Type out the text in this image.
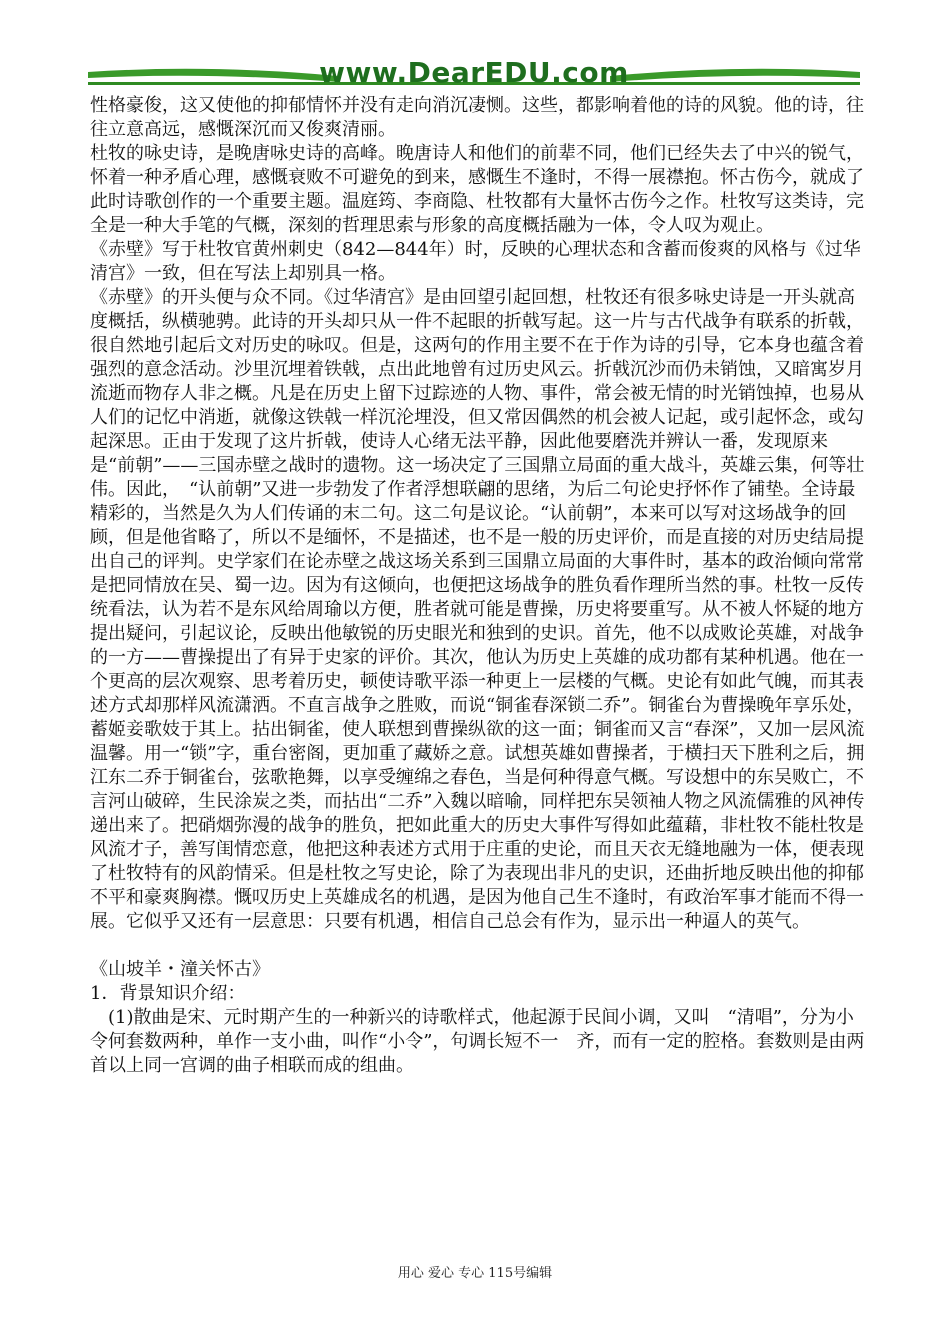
www.DearEDU.com

性格豪俊，这又使他的抑郁情怀并没有走向消沉凄恻。这些，都影响着他的诗的风貌。他的诗，往往立意高远，感慨深沉而又俊爽清丽。

杜牧的咏史诗，是晚唐咏史诗的高峰。晚唐诗人和他们的前辈不同，他们已经失去了中兴的锐气，怀着一种矛盾心理，感慨衰败不可避免的到来，感慨生不逢时，不得一展襟抱。怀古伤今，就成了此时诗歌创作的一个重要主题。温庭筠、李商隐、杜牧都有大量怀古伤今之作。杜牧写这类诗，完全是一种大手笔的气概，深刻的哲理思索与形象的高度概括融为一体，令人叹为观止。

《赤壁》写于杜牧官黄州刺史（842—844年）时，反映的心理状态和含蓄而俊爽的风格与《过华清宫》一致，但在写法上却别具一格。

《赤壁》的开头便与众不同。《过华清宫》是由回望引起回想，杜牧还有很多咏史诗是一开头就高度概括，纵横驰骋。此诗的开头却只从一件不起眼的折戟写起。这一片与古代战争有联系的折戟，很自然地引起后文对历史的咏叹。但是，这两句的作用主要不在于作为诗的引导，它本身也蕴含着强烈的意念活动。沙里沉埋着铁戟，点出此地曾有过历史风云。折戟沉沙而仍未销蚀，又暗寓岁月流逝而物存人非之概。凡是在历史上留下过踪迹的人物、事件，常会被无情的时光销蚀掉，也易从人们的记忆中消逝，就像这铁戟一样沉沦埋没，但又常因偶然的机会被人记起，或引起怀念，或勾起深思。正由于发现了这片折戟，使诗人心绪无法平静，因此他要磨洗并辨认一番，发现原来是“前朝”——三国赤壁之战时的遗物。这一场决定了三国鼎立局面的重大战斗，英雄云集，何等壮伟。因此，　“认前朝”又进一步勃发了作者浮想联翩的思绪，为后二句论史抒怀作了铺垫。全诗最精彩的，当然是久为人们传诵的末二句。这二句是议论。“认前朝”，本来可以写对这场战争的回顾，但是他省略了，所以不是缅怀，不是描述，也不是一般的历史评价，而是直接的对历史结局提出自己的评判。史学家们在论赤壁之战这场关系到三国鼎立局面的大事件时，基本的政治倾向常常是把同情放在吴、蜀一边。因为有这倾向，也便把这场战争的胜负看作理所当然的事。杜牧一反传统看法，认为若不是东风给周瑜以方便，胜者就可能是曹操，历史将要重写。从不被人怀疑的地方提出疑问，引起议论，反映出他敏锐的历史眼光和独到的史识。首先，他不以成败论英雄，对战争的一方——曹操提出了有异于史家的评价。其次，他认为历史上英雄的成功都有某种机遇。他在一个更高的层次观察、思考着历史，顿使诗歌平添一种更上一层楼的气概。史论有如此气魄，而其表述方式却那样风流潇洒。不直言战争之胜败，而说“铜雀春深锁二乔”。铜雀台为曹操晚年享乐处，蓄姬妾歌妓于其上。拈出铜雀，使人联想到曹操纵欲的这一面；铜雀而又言“春深”，又加一层风流温馨。用一“锁”字，重台密阁，更加重了藏娇之意。试想英雄如曹操者，于横扫天下胜利之后，拥江东二乔于铜雀台，弦歌艳舞，以享受缠绵之春色，当是何种得意气概。写设想中的东吴败亡，不言河山破碎，生民涂炭之类，而拈出“二乔”入魏以暗喻，同样把东吴领袖人物之风流儒雅的风神传递出来了。把硝烟弥漫的战争的胜负，把如此重大的历史大事件写得如此蕴藉，非杜牧不能杜牧是风流才子，善写闺情恋意，他把这种表述方式用于庄重的史论，而且天衣无缝地融为一体，便表现了杜牧特有的风韵情采。但是杜牧之写史论，除了为表现出非凡的史识，还曲折地反映出他的抑郁不平和豪爽胸襟。慨叹历史上英雄成名的机遇，是因为他自己生不逢时，有政治军事才能而不得一展。它似乎又还有一层意思：只要有机遇，相信自己总会有作为，显示出一种逼人的英气。

《山坡羊・潼关怀古》

1．背景知识介绍：

(1)散曲是宋、元时期产生的一种新兴的诗歌样式，他起源于民间小调，又叫　“清唱”，分为小令何套数两种，单作一支小曲，叫作“小令”，句调长短不一　齐，而有一定的腔格。套数则是由两首以上同一宫调的曲子相联而成的组曲。

用心 爱心 专心 115号编辑
